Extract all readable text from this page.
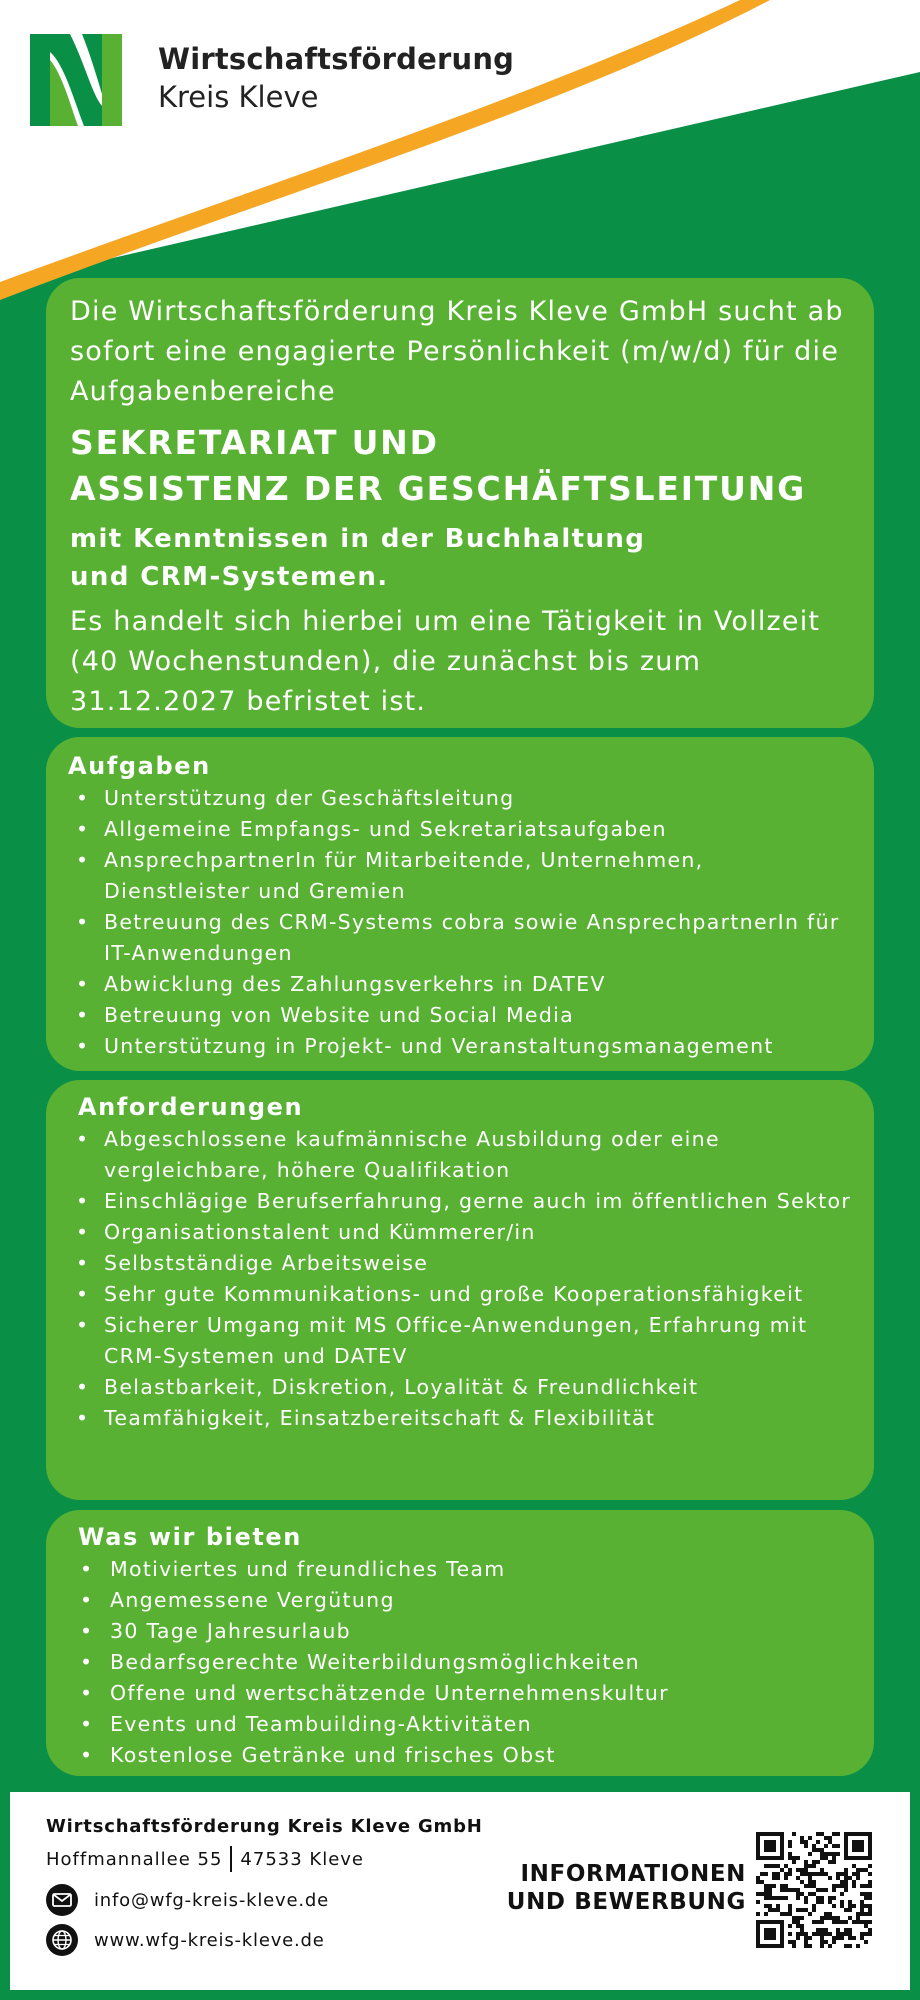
Wirtschaftsförderung
Kreis Kleve

Die Wirtschaftsförderung Kreis Kleve GmbH sucht ab sofort eine engagierte Persönlichkeit (m/w/d) für die Aufgabenbereiche

SEKRETARIAT UND
ASSISTENZ DER GESCHÄFTSLEITUNG
mit Kenntnissen in der Buchhaltung
und CRM-Systemen.

Es handelt sich hierbei um eine Tätigkeit in Vollzeit (40 Wochenstunden), die zunächst bis zum 31.12.2027 befristet ist.

Aufgaben
• Unterstützung der Geschäftsleitung
• Allgemeine Empfangs- und Sekretariatsaufgaben
• AnsprechpartnerIn für Mitarbeitende, Unternehmen, Dienstleister und Gremien
• Betreuung des CRM-Systems cobra sowie AnsprechpartnerIn für IT-Anwendungen
• Abwicklung des Zahlungsverkehrs in DATEV
• Betreuung von Website und Social Media
• Unterstützung in Projekt- und Veranstaltungsmanagement
Anforderungen
• Abgeschlossene kaufmännische Ausbildung oder eine vergleichbare, höhere Qualifikation
• Einschlägige Berufserfahrung, gerne auch im öffentlichen Sektor
• Organisationstalent und Kümmerer/in
• Selbstständige Arbeitsweise
• Sehr gute Kommunikations- und große Kooperationsfähigkeit
• Sicherer Umgang mit MS Office-Anwendungen, Erfahrung mit CRM-Systemen und DATEV
• Belastbarkeit, Diskretion, Loyalität & Freundlichkeit
• Teamfähigkeit, Einsatzbereitschaft & Flexibilität
Was wir bieten
• Motiviertes und freundliches Team
• Angemessene Vergütung
• 30 Tage Jahresurlaub
• Bedarfsgerechte Weiterbildungsmöglichkeiten
• Offene und wertschätzende Unternehmenskultur
• Events und Teambuilding-Aktivitäten
• Kostenlose Getränke und frisches Obst
Wirtschaftsförderung Kreis Kleve GmbH
Hoffmannallee 55 47533 Kleve
info@wfg-kreis-kleve.de
www.wfg-kreis-kleve.de
INFORMATIONEN
UND BEWERBUNG
